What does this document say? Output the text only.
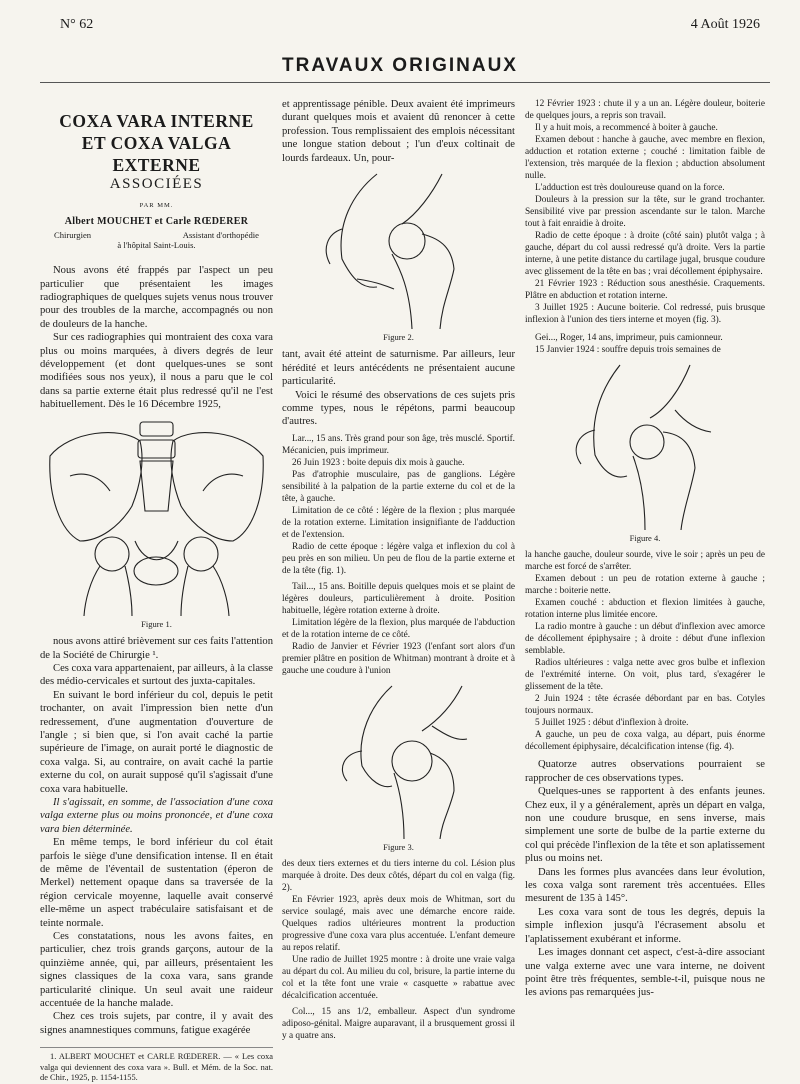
N° 62	4 Août 1926
TRAVAUX ORIGINAUX
COXA VARA INTERNE
ET COXA VALGA EXTERNE
ASSOCIÉES
PAR MM.
Albert MOUCHET et Carle RŒDERER
Chirurgien	Assistant d'orthopédie
à l'hôpital Saint-Louis.

Nous avons été frappés par l'aspect un peu particulier que présentaient les images radiographiques de quelques sujets venus nous trouver pour des troubles de la marche, accompagnés ou non de douleurs de la hanche.

Sur ces radiographies qui montraient des coxa vara plus ou moins marquées, à divers degrés de leur développement (et dont quelques-unes se sont modifiées sous nos yeux), il nous a paru que le col dans sa partie externe était plus redressé qu'il ne l'est habituellement. Dès le 16 Décembre 1925,

Figure 1.

nous avons attiré brièvement sur ces faits l'attention de la Société de Chirurgie ¹.

Ces coxa vara appartenaient, par ailleurs, à la classe des médio-cervicales et surtout des juxta-capitales.

En suivant le bord inférieur du col, depuis le petit trochanter, on avait l'impression bien nette d'un redressement, d'une augmentation d'ouverture de l'angle ; si bien que, si l'on avait caché la partie supérieure de l'image, on aurait porté le diagnostic de coxa valga. Si, au contraire, on avait caché la partie externe du col, on aurait supposé qu'il s'agissait d'une coxa vara habituelle.

Il s'agissait, en somme, de l'association d'une coxa valga externe plus ou moins prononcée, et d'une coxa vara bien déterminée.

En même temps, le bord inférieur du col était parfois le siège d'une densification intense. Il en était de même de l'éventail de sustentation (éperon de Merkel) nettement opaque dans sa traversée de la région cervicale moyenne, laquelle avait conservé elle-même un aspect trabéculaire satisfaisant et de teinte normale.

Ces constatations, nous les avons faites, en particulier, chez trois grands garçons, autour de la quinzième année, qui, par ailleurs, présentaient les signes classiques de la coxa vara, sans grande particularité clinique. Un seul avait une raideur accentuée de la hanche malade.

Chez ces trois sujets, par contre, il y avait des signes anamnestiques communs, fatigue exagérée

1. ALBERT MOUCHET et CARLE RŒDERER. — « Les coxa valga qui deviennent des coxa vara ». Bull. et Mém. de la Soc. nat. de Chir., 1925, p. 1154-1155.

et apprentissage pénible. Deux avaient été imprimeurs durant quelques mois et avaient dû renoncer à cette profession. Tous remplissaient des emplois nécessitant une longue station debout ; l'un d'eux coltinait de lourds fardeaux. Un, pour-

Figure 2.

tant, avait été atteint de saturnisme. Par ailleurs, leur hérédité et leurs antécédents ne présentaient aucune particularité.

Voici le résumé des observations de ces sujets pris comme types, nous le répétons, parmi beaucoup d'autres.

Lar..., 15 ans. Très grand pour son âge, très musclé. Sportif. Mécanicien, puis imprimeur.

26 Juin 1923 : boite depuis dix mois à gauche.

Pas d'atrophie musculaire, pas de ganglions. Légère sensibilité à la palpation de la partie externe du col et de la tête, à gauche.

Limitation de ce côté : légère de la flexion ; plus marquée de la rotation externe. Limitation insignifiante de l'adduction et de l'extension.

Radio de cette époque : légère valga et inflexion du col à peu près en son milieu. Un peu de flou de la partie externe et de la tête (fig. 1).

Tail..., 15 ans. Boitille depuis quelques mois et se plaint de légères douleurs, particulièrement à droite. Position habituelle, légère rotation externe à droite.

Limitation légère de la flexion, plus marquée de l'abduction et de la rotation interne de ce côté.

Radio de Janvier et Février 1923 (l'enfant sort alors d'un premier plâtre en position de Whitman) montrant à droite et à gauche une coudure à l'union

Figure 3.

des deux tiers externes et du tiers interne du col. Lésion plus marquée à droite. Des deux côtés, départ du col en valga (fig. 2).

En Février 1923, après deux mois de Whitman, sort du service soulagé, mais avec une démarche encore raide. Quelques radios ultérieures montrent la production progressive d'une coxa vara plus accentuée. L'enfant demeure au repos relatif.

Une radio de Juillet 1925 montre : à droite une vraie valga au départ du col. Au milieu du col, brisure, la partie interne du col et la tête font une vraie « casquette » rabattue avec décalcification accentuée.

Col..., 15 ans 1/2, emballeur. Aspect d'un syndrome adiposo-génital. Maigre auparavant, il a brusquement grossi il y a quatre ans.

12 Février 1923 : chute il y a un an. Légère douleur, boiterie de quelques jours, a repris son travail.

Il y a huit mois, a recommencé à boiter à gauche.

Examen debout : hanche à gauche, avec membre en flexion, adduction et rotation externe ; couché : limitation faible de l'extension, très marquée de la flexion ; abduction absolument nulle.

L'adduction est très douloureuse quand on la force.

Douleurs à la pression sur la tête, sur le grand trochanter. Sensibilité vive par pression ascendante sur le talon. Marche tout à fait enraidie à droite.

Radio de cette époque : à droite (côté sain) plutôt valga ; à gauche, départ du col aussi redressé qu'à droite. Vers la partie interne, à une petite distance du cartilage jugal, brusque coudure avec glissement de la tête en bas ; vrai décollement épiphysaire.

21 Février 1923 : Réduction sous anesthésie. Craquements. Plâtre en abduction et rotation interne.

3 Juillet 1925 : Aucune boiterie. Col redressé, puis brusque inflexion à l'union des tiers interne et moyen (fig. 3).

Gei..., Roger, 14 ans, imprimeur, puis camionneur.

15 Janvier 1924 : souffre depuis trois semaines de

Figure 4.

la hanche gauche, douleur sourde, vive le soir ; après un peu de marche est forcé de s'arrêter.

Examen debout : un peu de rotation externe à gauche ; marche : boiterie nette.

Examen couché : abduction et flexion limitées à gauche, rotation interne plus limitée encore.

La radio montre à gauche : un début d'inflexion avec amorce de décollement épiphysaire ; à droite : début d'une inflexion semblable.

Radios ultérieures : valga nette avec gros bulbe et inflexion de l'extrémité interne. On voit, plus tard, s'exagérer le glissement de la tête.

2 Juin 1924 : tête écrasée débordant par en bas. Cotyles toujours normaux.

5 Juillet 1925 : début d'inflexion à droite.

A gauche, un peu de coxa valga, au départ, puis énorme décollement épiphysaire, décalcification intense (fig. 4).

Quatorze autres observations pourraient se rapprocher de ces observations types.

Quelques-unes se rapportent à des enfants jeunes. Chez eux, il y a généralement, après un départ en valga, non une coudure brusque, en sens inverse, mais simplement une sorte de bulbe de la partie externe du col qui précède l'inflexion de la tête et son aplatissement plus ou moins net.

Dans les formes plus avancées dans leur évolution, les coxa valga sont rarement très accentuées. Elles mesurent de 135 à 145°.

Les coxa vara sont de tous les degrés, depuis la simple inflexion jusqu'à l'écrasement absolu et l'aplatissement exubérant et informe.

Les images donnant cet aspect, c'est-à-dire associant une valga externe avec une vara interne, ne doivent point être très fréquentes, semble-t-il, puisque nous ne les avions pas remarquées jus-
